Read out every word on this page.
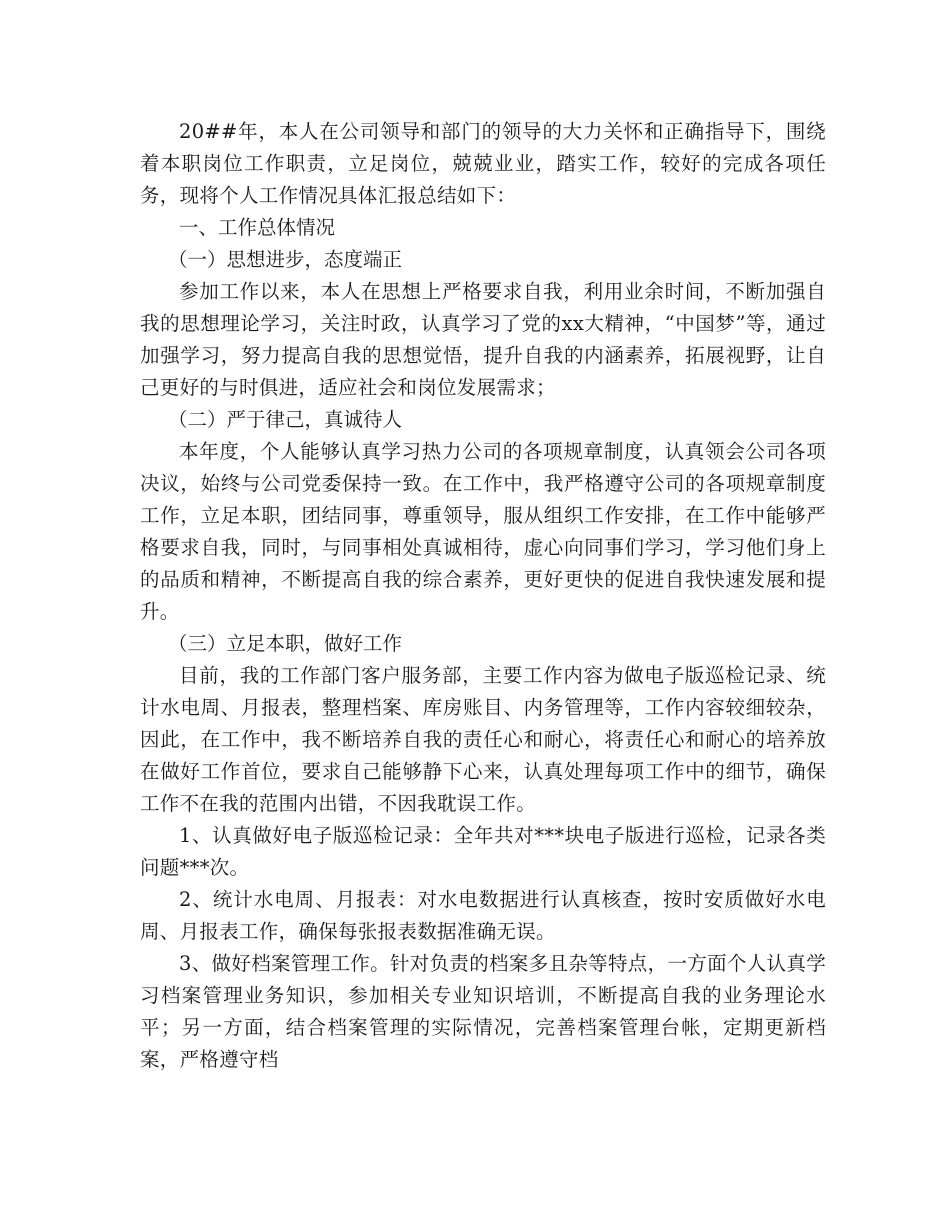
20##年，本人在公司领导和部门的领导的大力关怀和正确指导下，围绕着本职岗位工作职责，立足岗位，兢兢业业，踏实工作，较好的完成各项任务，现将个人工作情况具体汇报总结如下：

一、工作总体情况

（一）思想进步，态度端正

参加工作以来，本人在思想上严格要求自我，利用业余时间，不断加强自我的思想理论学习，关注时政，认真学习了党的xx大精神，“中国梦”等，通过加强学习，努力提高自我的思想觉悟，提升自我的内涵素养，拓展视野，让自己更好的与时俱进，适应社会和岗位发展需求；

（二）严于律己，真诚待人

本年度，个人能够认真学习热力公司的各项规章制度，认真领会公司各项决议，始终与公司党委保持一致。在工作中，我严格遵守公司的各项规章制度工作，立足本职，团结同事，尊重领导，服从组织工作安排，在工作中能够严格要求自我，同时，与同事相处真诚相待，虚心向同事们学习，学习他们身上的品质和精神，不断提高自我的综合素养，更好更快的促进自我快速发展和提升。

（三）立足本职，做好工作

目前，我的工作部门客户服务部，主要工作内容为做电子版巡检记录、统计水电周、月报表，整理档案、库房账目、内务管理等，工作内容较细较杂，因此，在工作中，我不断培养自我的责任心和耐心，将责任心和耐心的培养放在做好工作首位，要求自己能够静下心来，认真处理每项工作中的细节，确保工作不在我的范围内出错，不因我耽误工作。

1、认真做好电子版巡检记录：全年共对***块电子版进行巡检，记录各类问题***次。

2、统计水电周、月报表：对水电数据进行认真核查，按时安质做好水电周、月报表工作，确保每张报表数据准确无误。

3、做好档案管理工作。针对负责的档案多且杂等特点，一方面个人认真学习档案管理业务知识，参加相关专业知识培训，不断提高自我的业务理论水平；另一方面，结合档案管理的实际情况，完善档案管理台帐，定期更新档案，严格遵守档
